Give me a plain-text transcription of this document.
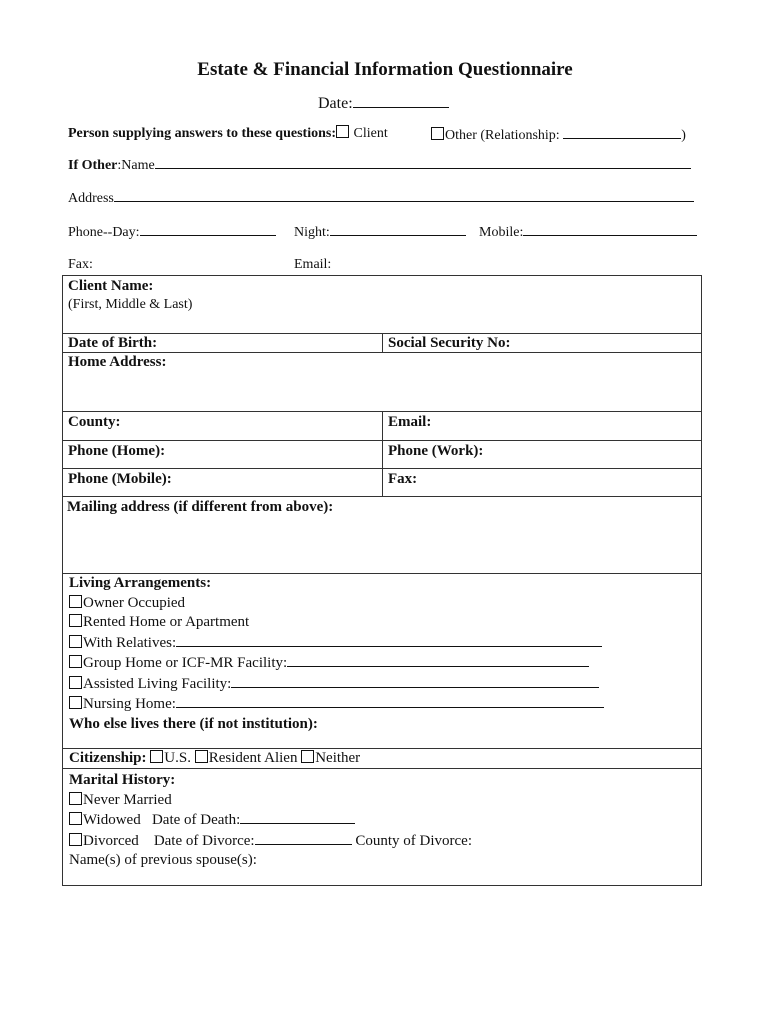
Estate & Financial Information Questionnaire
Date:
Person supplying answers to these questions: Client	Other (Relationship:	)
If Other:Name
Address
Phone--Day:	Night:	Mobile:
Fax:	Email:
Client Name:
(First, Middle & Last)
Date of Birth:	Social Security No:
Home Address:
County:	Email:
Phone (Home):	Phone (Work):
Phone (Mobile):	Fax:
Mailing address (if different from above):
Living Arrangements:
Owner Occupied
Rented Home or Apartment
With Relatives:
Group Home or ICF-MR Facility:
Assisted Living Facility:
Nursing Home:
Who else lives there (if not institution):
Citizenship: U.S. Resident Alien Neither
Marital History:
Never Married
Widowed Date of Death:
Divorced Date of Divorce:	County of Divorce:
Name(s) of previous spouse(s):
